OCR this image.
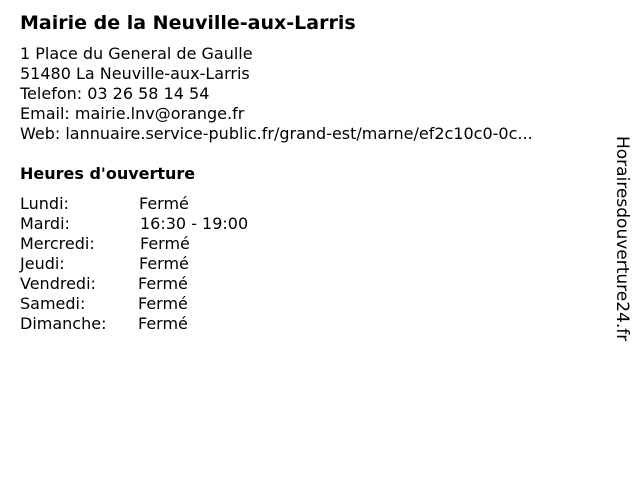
Mairie de la Neuville-aux-Larris
1 Place du General de Gaulle
51480 La Neuville-aux-Larris
Telefon: 03 26 58 14 54
Email: mairie.lnv@orange.fr
Web: lannuaire.service-public.fr/grand-est/marne/ef2c10c0-0c...
Heures d'ouverture
Lundi:	Fermé
Mardi:	16:30 - 19:00
Mercredi:	Fermé
Jeudi:	Fermé
Vendredi:	Fermé
Samedi:	Fermé
Dimanche: Fermé	Horairesdouverture24.fr
